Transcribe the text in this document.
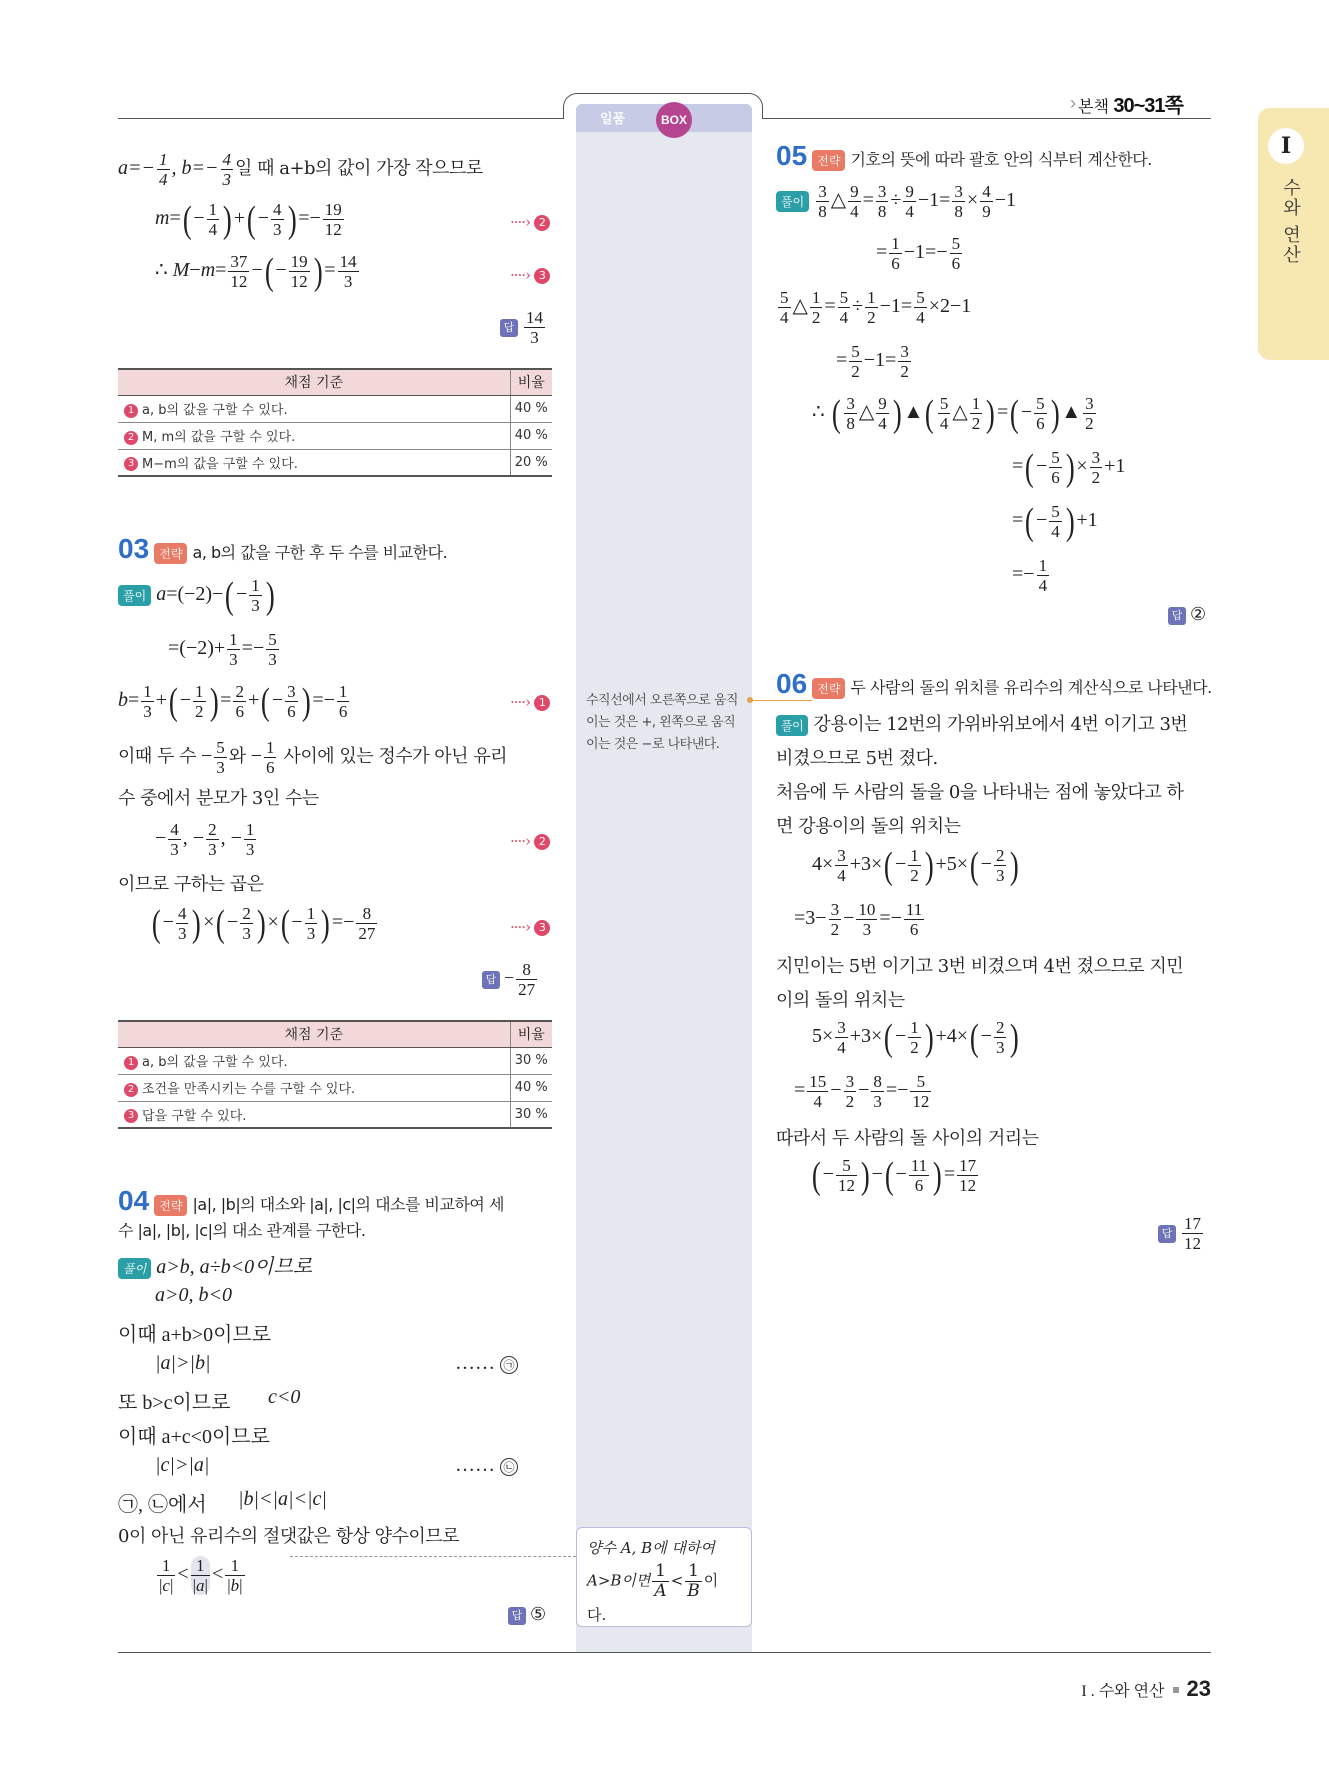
일품	BOX
› 본책 30~31쪽
I
수와 연산
$a=- \frac{1}{4}$ , $b=- \frac{4}{3}$ 일 때 a+b의 값이 가장 작으므로
$m=(- \frac{1}{4}$ )+(− $\frac{4}{3}$ )=− $\frac{19}{12}$	····› 2
∴ $M-m= \frac{37}{12}$ −(− $\frac{19}{12}$ )= $\frac{14}{3}$	····› 3
답 $\frac{14}{3}$
채점 기준	비율
1 a, b의 값을 구할 수 있다.	40 %
2 M, m의 값을 구할 수 있다.	40 %
3 M−m의 값을 구할 수 있다.	20 %
03 전략 a, b의 값을 구한 후 두 수를 비교한다.
풀이 $a=(-2)-(- \frac{1}{3}$ )
$=(-2)+ \frac{1}{3} =- \frac{5}{3}$
$b= \frac{1}{3}$ +(− $\frac{1}{2}$ )= $\frac{2}{6}$ +(− $\frac{3}{6}$ )=− $\frac{1}{6}$	····› 1
이때 두 수 − $\frac{5}{3}$ 와 − $\frac{1}{6}$ 사이에 있는 정수가 아닌 유리
수 중에서 분모가 3인 수는
− $\frac{4}{3}$ , − $\frac{2}{3}$ , − $\frac{1}{3}$	····› 2
이므로 구하는 곱은
(− $\frac{4}{3}$ )×(− $\frac{2}{3}$ )×(− $\frac{1}{3}$ )=− $\frac{8}{27}$	····› 3
답 − $\frac{8}{27}$
채점 기준	비율
1 a, b의 값을 구할 수 있다.	30 %
2 조건을 만족시키는 수를 구할 수 있다.	40 %
3 답을 구할 수 있다.	30 %
04 전략 |a|, |b|의 대소와 |a|, |c|의 대소를 비교하여 세
수 |a|, |b|, |c|의 대소 관계를 구한다.
풀이 a>b, a÷b<0이므로
a>0, b<0
이때 a+b>0이므로
|a|>|b|	…… ㉠
또 b>c이므로 c<0
이때 a+c<0이므로
|c|>|a|	…… ㉡
㉠, ㉡에서 |b|<|a|<|c|
0이 아닌 유리수의 절댓값은 항상 양수이므로
$\frac{1}{|c|} < \frac{1}{|a|} < \frac{1}{|b|}$
답 ⑤
수직선에서 오른쪽으로 움직이는 것은 +, 왼쪽으로 움직이는 것은 −로 나타낸다.
양수 A, B에 대하여
A>B이면 $\frac{1}{A} < \frac{1}{B}$ 이
다.
05 전략 기호의 뜻에 따라 괄호 안의 식부터 계산한다.
풀이 $\frac{3}{8}$ △ $\frac{9}{4} = \frac{3}{8} \div \frac{9}{4} -1= \frac{3}{8} \times \frac{4}{9} -1$
= $\frac{1}{6} -1=- \frac{5}{6}$
$\frac{5}{4}$ △ $\frac{1}{2} = \frac{5}{4} \div \frac{1}{2} -1= \frac{5}{4} \times 2-1$
= $\frac{5}{2} -1= \frac{3}{2}$
∴ ( $\frac{3}{8}$ △ $\frac{9}{4}$ )▲( $\frac{5}{4}$ △ $\frac{1}{2}$ )=(− $\frac{5}{6}$ )▲ $\frac{3}{2}$
=(− $\frac{5}{6}$ )× $\frac{3}{2} +1$
=(− $\frac{5}{4} )+1$
=− $\frac{1}{4}$
답 ②
06 전략 두 사람의 돌의 위치를 유리수의 계산식으로 나타낸다.
풀이 강용이는 12번의 가위바위보에서 4번 이기고 3번
비겼으므로 5번 졌다.
처음에 두 사람의 돌을 0을 나타내는 점에 놓았다고 하
면 강용이의 돌의 위치는
$4\times \frac{3}{4} +3\times(- \frac{1}{2} )+5\times(- \frac{2}{3}$ )
$=3- \frac{3}{2} - \frac{10}{3} =- \frac{11}{6}$
지민이는 5번 이기고 3번 비겼으며 4번 졌으므로 지민
이의 돌의 위치는
$5\times \frac{3}{4} +3\times(- \frac{1}{2} )+4\times(- \frac{2}{3}$ )
= $\frac{15}{4} - \frac{3}{2} - \frac{8}{3} =- \frac{5}{12}$
따라서 두 사람의 돌 사이의 거리는
(− $\frac{5}{12}$ )−(− $\frac{11}{6}$ )= $\frac{17}{12}$
답 $\frac{17}{12}$
I . 수와 연산 23
